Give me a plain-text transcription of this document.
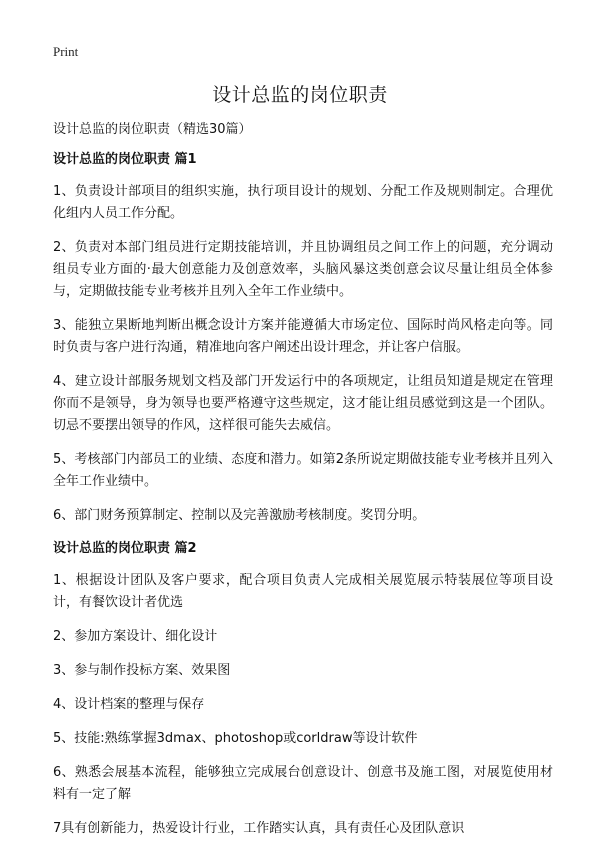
Print
设计总监的岗位职责

设计总监的岗位职责（精选30篇）

设计总监的岗位职责 篇1

1、负责设计部项目的组织实施，执行项目设计的规划、分配工作及规则制定。合理优化组内人员工作分配。

2、负责对本部门组员进行定期技能培训，并且协调组员之间工作上的问题，充分调动组员专业方面的·最大创意能力及创意效率，头脑风暴这类创意会议尽量让组员全体参与，定期做技能专业考核并且列入全年工作业绩中。

3、能独立果断地判断出概念设计方案并能遵循大市场定位、国际时尚风格走向等。同时负责与客户进行沟通，精准地向客户阐述出设计理念，并让客户信服。

4、建立设计部服务规划文档及部门开发运行中的各项规定，让组员知道是规定在管理你而不是领导，身为领导也要严格遵守这些规定，这才能让组员感觉到这是一个团队。切忌不要摆出领导的作风，这样很可能失去威信。

5、考核部门内部员工的业绩、态度和潜力。如第2条所说定期做技能专业考核并且列入全年工作业绩中。

6、部门财务预算制定、控制以及完善激励考核制度。奖罚分明。

设计总监的岗位职责 篇2

1、根据设计团队及客户要求，配合项目负责人完成相关展览展示特装展位等项目设计，有餐饮设计者优选

2、参加方案设计、细化设计

3、参与制作投标方案、效果图

4、设计档案的整理与保存

5、技能:熟练掌握3dmax、photoshop或corldraw等设计软件

6、熟悉会展基本流程，能够独立完成展台创意设计、创意书及施工图，对展览使用材料有一定了解

7具有创新能力，热爱设计行业，工作踏实认真，具有责任心及团队意识
